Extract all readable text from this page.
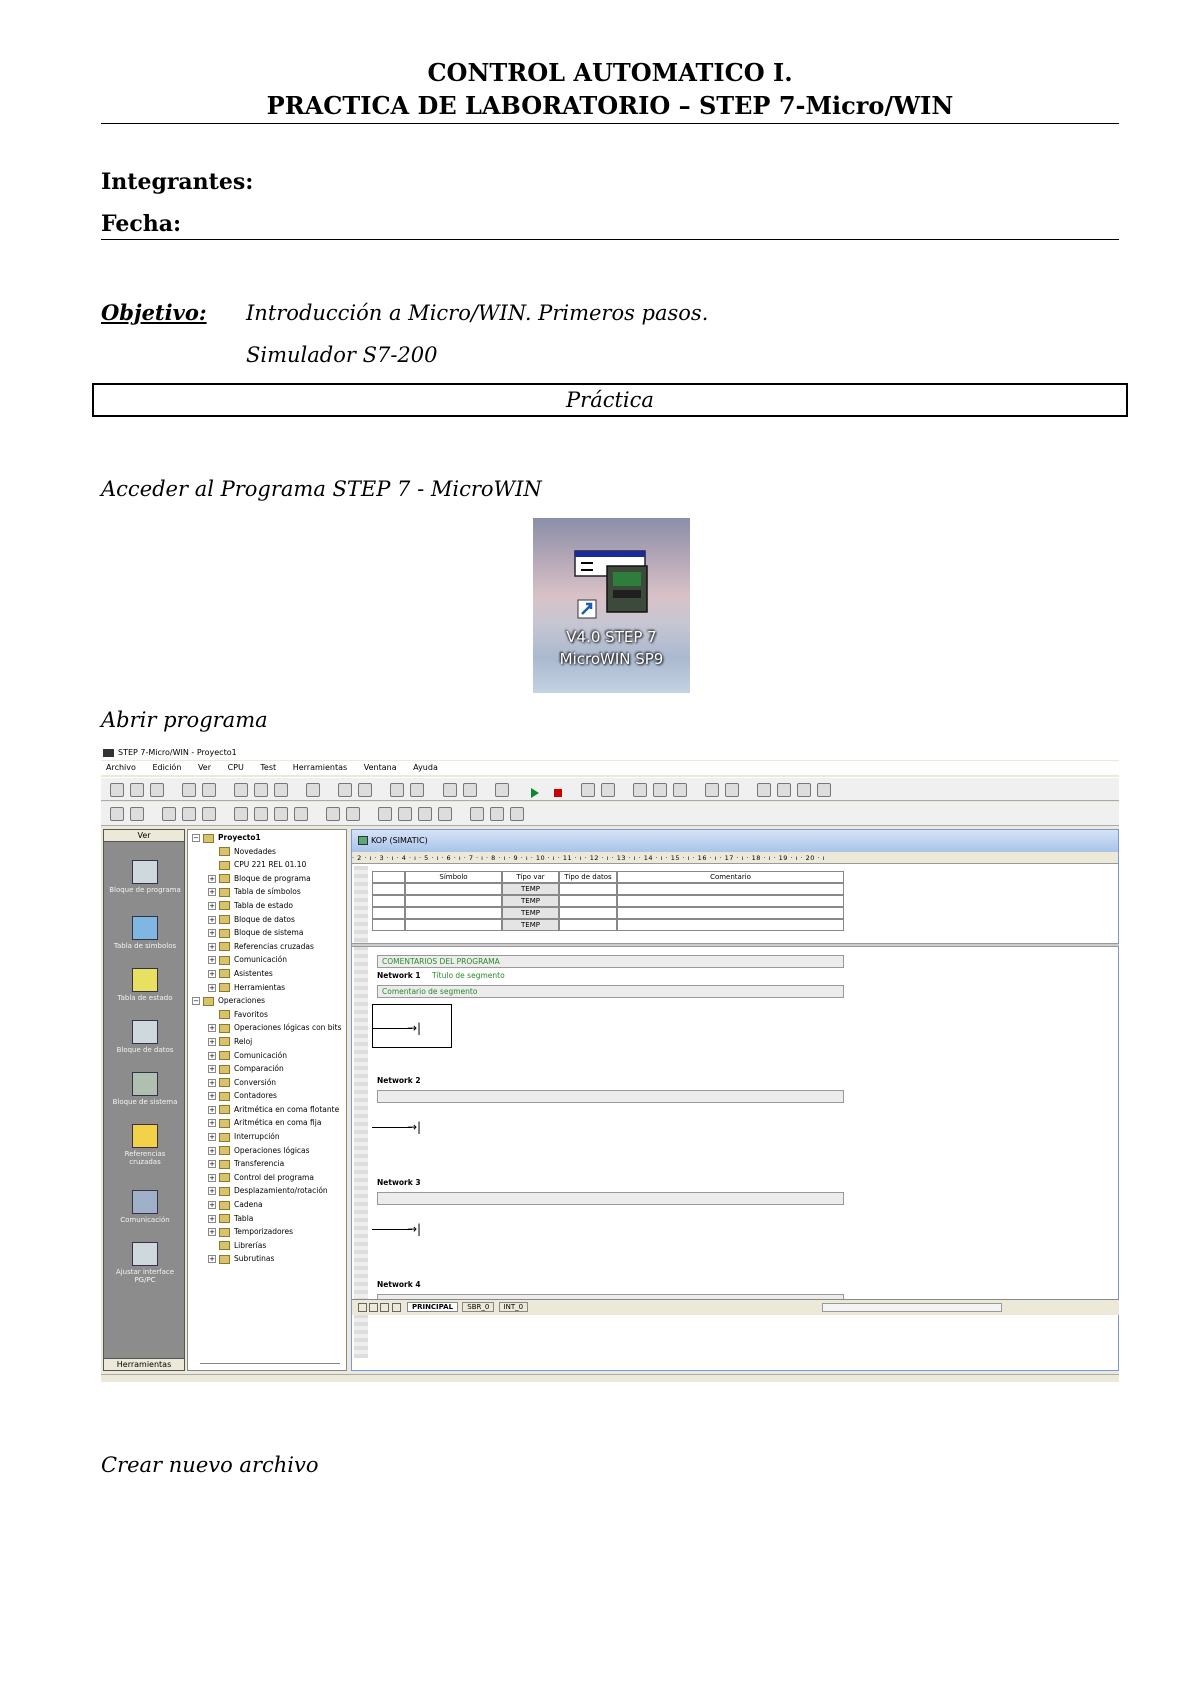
CONTROL AUTOMATICO I.
PRACTICA DE LABORATORIO – STEP 7-Micro/WIN
Integrantes:
Fecha:
Objetivo: Introducción a Micro/WIN. Primeros pasos.
Simulador S7-200
Práctica
Acceder al Programa STEP 7 - MicroWIN
V4.0 STEP 7
MicroWIN SP9
Abrir programa
STEP 7-Micro/WIN - Proyecto1
Archivo Edición Ver CPU Test Herramientas Ventana Ayuda

Ver
Bloque de programa
Tabla de símbolos
Tabla de estado
Bloque de datos
Bloque de sistema
Referencias cruzadas
Comunicación
Ajustar interface PG/PC
Herramientas
−	Proyecto1
Novedades
CPU 221 REL 01.10
+	Bloque de programa
+	Tabla de símbolos
+	Tabla de estado
+	Bloque de datos
+	Bloque de sistema
+	Referencias cruzadas
+	Comunicación
+	Asistentes
+	Herramientas
−	Operaciones
Favoritos
+	Operaciones lógicas con bits
+	Reloj
+	Comunicación
+	Comparación
+	Conversión
+	Contadores
+	Aritmética en coma flotante
+	Aritmética en coma fija
+	Interrupción
+	Operaciones lógicas
+	Transferencia
+	Control del programa
+	Desplazamiento/rotación
+	Cadena
+	Tabla
+	Temporizadores
Librerías
+	Subrutinas
KOP (SIMATIC)
· 2 · ı · 3 · ı · 4 · ı · 5 · ı · 6 · ı · 7 · ı · 8 · ı · 9 · ı · 10 · ı · 11 · ı · 12 · ı · 13 · ı · 14 · ı · 15 · ı · 16 · ı · 17 · ı · 18 · ı · 19 · ı · 20 · ı
Símbolo	Tipo var	Tipo de datos	Comentario
TEMP
TEMP
TEMP
TEMP
COMENTARIOS DEL PROGRAMA
Network 1 Título de segmento
Comentario de segmento
→|
Network 2
→|
Network 3
→|
Network 4
PRINCIPAL SBR_0 INT_0
Crear nuevo archivo
